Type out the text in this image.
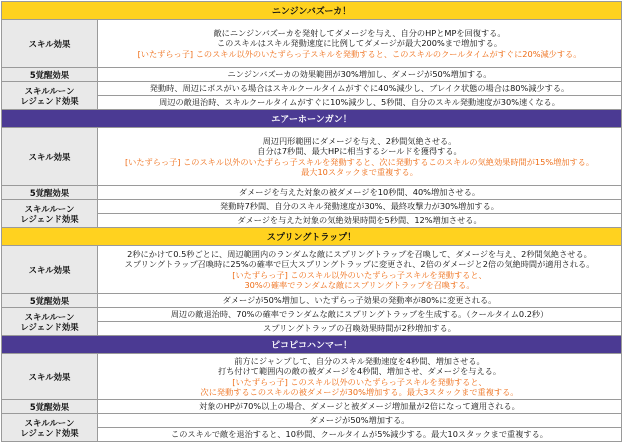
ニンジンバズーカ！	
スキル効果	敵にニンジンバズーカを発射してダメージを与え、自分のHPとMPを回復する。
このスキルはスキル発動速度に比例してダメージが最大200%まで増加する。
[いたずらっ子] このスキル以外のいたずらっ子スキルを発動すると、このスキルのクールタイムがすぐに20%減少する。

5覚醒効果	ニンジンバズーカの効果範囲が30%増加し、ダメージが50%増加する。

スキルルーン
レジェンド効果	発動時、周辺にボスがいる場合はスキルクールタイムがすぐに40%減少し、ブレイク状態の場合は80%減少する。
	周辺の敵退治時、スキルクールタイムがすぐに10%減少し、5秒間、自分のスキル発動速度が30%速くなる。
エアーホーンガン！	
スキル効果	周辺円形範囲にダメージを与え、2秒間気絶させる。
自分は7秒間、最大HPに相当するシールドを獲得する。
[いたずらっ子] このスキル以外のいたずらっ子スキルを発動すると、次に発動するこのスキルの気絶効果時間が15%増加する。
最大10スタックまで重複する。

5覚醒効果	ダメージを与えた対象の被ダメージを10秒間、40%増加させる。

スキルルーン
レジェンド効果	発動時7秒間、自分のスキル発動速度が30%、最終攻撃力が30%増加する。
	ダメージを与えた対象の気絶効果時間を5秒間、12%増加させる。
スプリングトラップ！	
スキル効果	2秒にかけて0.5秒ごとに、周辺範囲内のランダムな敵にスプリングトラップを召喚して、ダメージを与え、2秒間気絶させる。
スプリングトラップ召喚時に25%の確率で巨大スプリングトラップに変更され、2倍のダメージと2倍の気絶時間が適用される。
[いたずらっ子] このスキル以外のいたずらっ子スキルを発動すると、
30%の確率でランダムな敵にスプリングトラップを召喚する。

5覚醒効果	ダメージが50%増加し、いたずらっ子効果の発動率が80%に変更される。

スキルルーン
レジェンド効果	周辺の敵退治時、70%の確率でランダムな敵にスプリングトラップを生成する。（クールタイム0.2秒）
	スプリングトラップの召喚効果時間が2秒増加する。
ピコピコハンマー！	
スキル効果	前方にジャンプして、自分のスキル発動速度を4秒間、増加させる。
打ち付けて範囲内の敵の被ダメージを4秒間、増加させ、ダメージを与える。
[いたずらっ子] このスキル以外のいたずらっ子スキルを発動すると、
次に発動するこのスキルの被ダメージが30%増加する。最大3スタックまで重複する。

5覚醒効果	対象のHPが70%以上の場合、ダメージと被ダメージ増加量が2倍になって適用される。

スキルルーン
レジェンド効果	ダメージが50%増加する。
	このスキルで敵を退治すると、10秒間、クールタイムが5%減少する。最大10スタックまで重複する。
